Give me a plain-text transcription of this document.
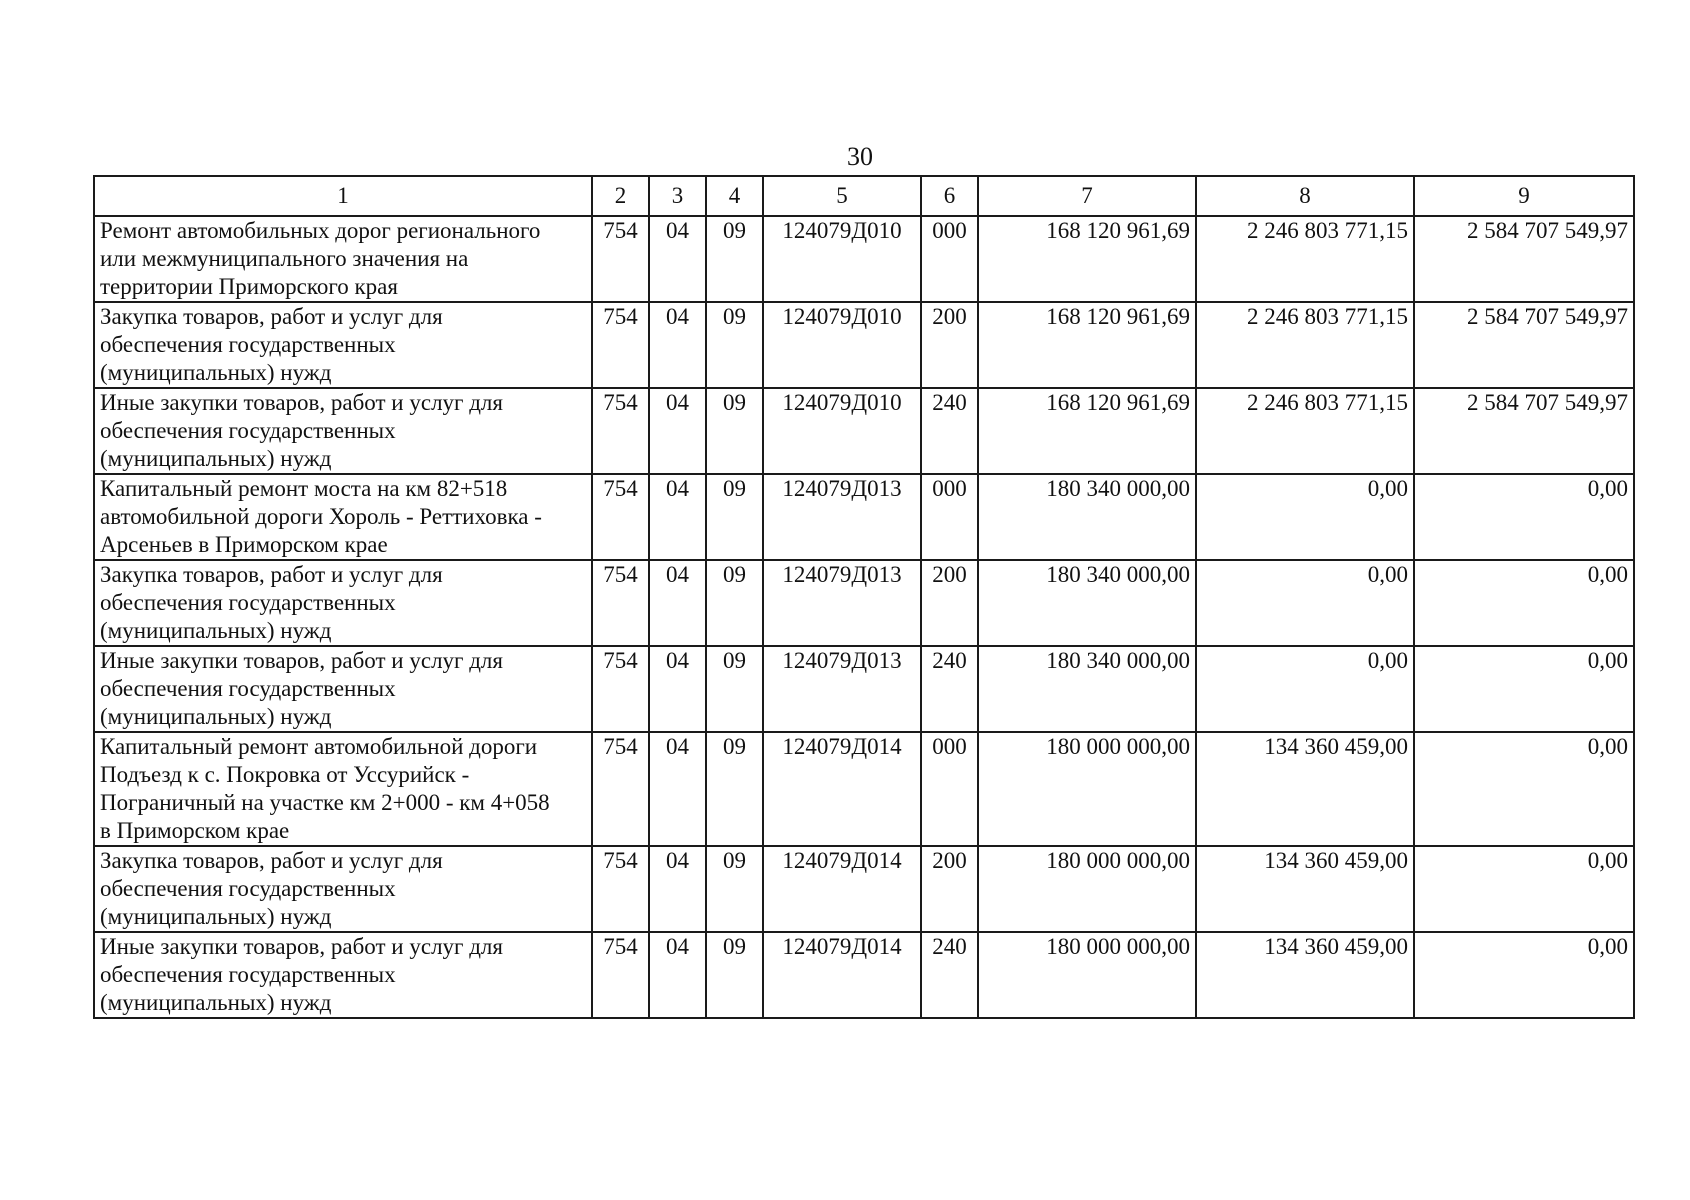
30
1	2	3	4	5	6	7	8	9

Ремонт автомобильных дорог регионального
или межмуниципального значения на
территории Приморского края	754	04	09	124079Д010	000	168 120 961,69	2 246 803 771,15	2 584 707 549,97

Закупка товаров, работ и услуг для
обеспечения государственных
(муниципальных) нужд	754	04	09	124079Д010	200	168 120 961,69	2 246 803 771,15	2 584 707 549,97

Иные закупки товаров, работ и услуг для
обеспечения государственных
(муниципальных) нужд	754	04	09	124079Д010	240	168 120 961,69	2 246 803 771,15	2 584 707 549,97

Капитальный ремонт моста на км 82+518
автомобильной дороги Хороль - Реттиховка -
Арсеньев в Приморском крае	754	04	09	124079Д013	000	180 340 000,00	0,00	0,00

Закупка товаров, работ и услуг для
обеспечения государственных
(муниципальных) нужд	754	04	09	124079Д013	200	180 340 000,00	0,00	0,00

Иные закупки товаров, работ и услуг для
обеспечения государственных
(муниципальных) нужд	754	04	09	124079Д013	240	180 340 000,00	0,00	0,00

Капитальный ремонт автомобильной дороги
Подъезд к с. Покровка от Уссурийск -
Пограничный на участке км 2+000 - км 4+058
в Приморском крае	754	04	09	124079Д014	000	180 000 000,00	134 360 459,00	0,00

Закупка товаров, работ и услуг для
обеспечения государственных
(муниципальных) нужд	754	04	09	124079Д014	200	180 000 000,00	134 360 459,00	0,00

Иные закупки товаров, работ и услуг для
обеспечения государственных
(муниципальных) нужд	754	04	09	124079Д014	240	180 000 000,00	134 360 459,00	0,00
